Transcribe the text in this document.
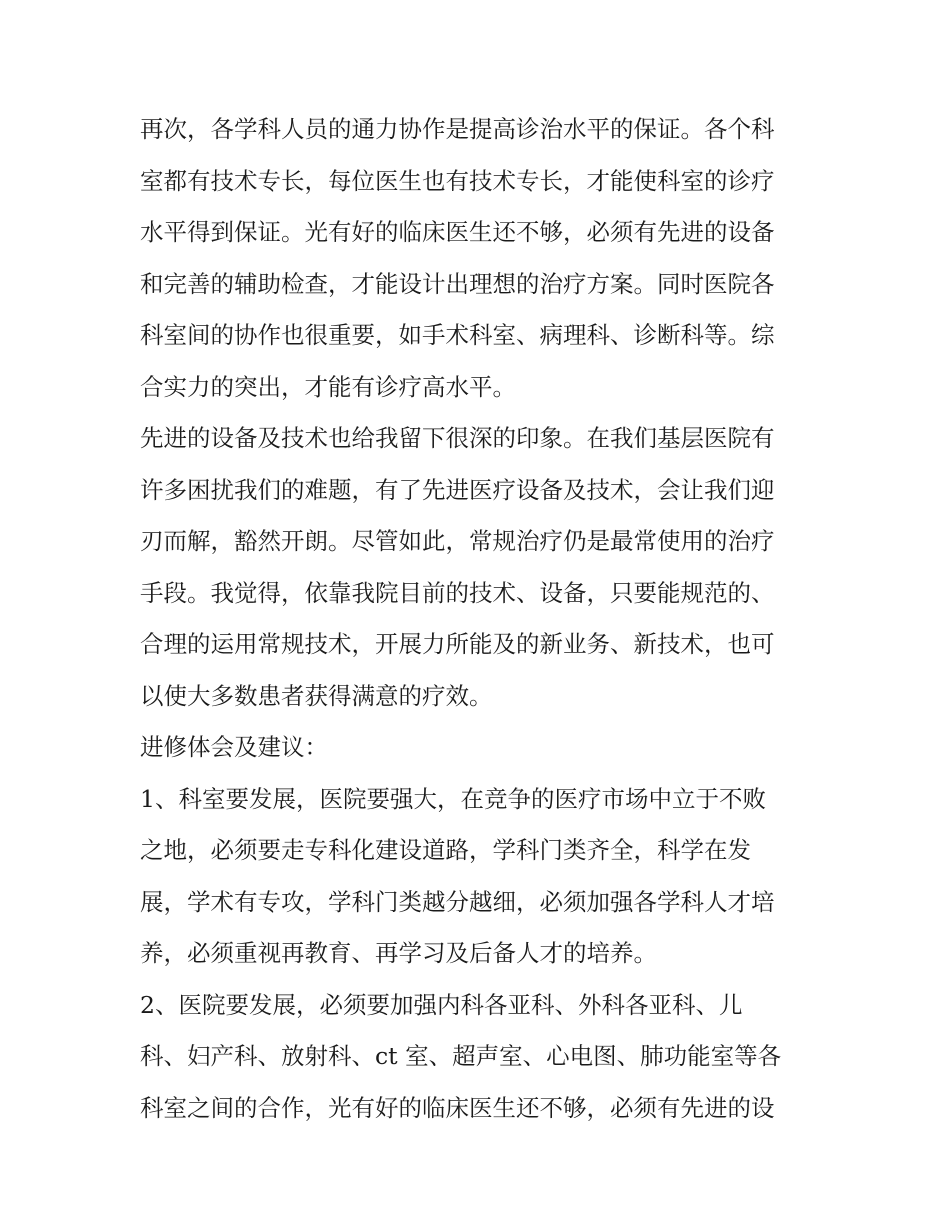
再次，各学科人员的通力协作是提高诊治水平的保证。各个科
室都有技术专长，每位医生也有技术专长，才能使科室的诊疗
水平得到保证。光有好的临床医生还不够，必须有先进的设备
和完善的辅助检查，才能设计出理想的治疗方案。同时医院各
科室间的协作也很重要，如手术科室、病理科、诊断科等。综
合实力的突出，才能有诊疗高水平。
先进的设备及技术也给我留下很深的印象。在我们基层医院有
许多困扰我们的难题，有了先进医疗设备及技术，会让我们迎
刃而解，豁然开朗。尽管如此，常规治疗仍是最常使用的治疗
手段。我觉得，依靠我院目前的技术、设备，只要能规范的、
合理的运用常规技术，开展力所能及的新业务、新技术，也可
以使大多数患者获得满意的疗效。
进修体会及建议：
1、科室要发展，医院要强大，在竞争的医疗市场中立于不败
之地，必须要走专科化建设道路，学科门类齐全，科学在发
展，学术有专攻，学科门类越分越细，必须加强各学科人才培
养，必须重视再教育、再学习及后备人才的培养。
2、医院要发展，必须要加强内科各亚科、外科各亚科、儿
科、妇产科、放射科、ct 室、超声室、心电图、肺功能室等各
科室之间的合作，光有好的临床医生还不够，必须有先进的设
